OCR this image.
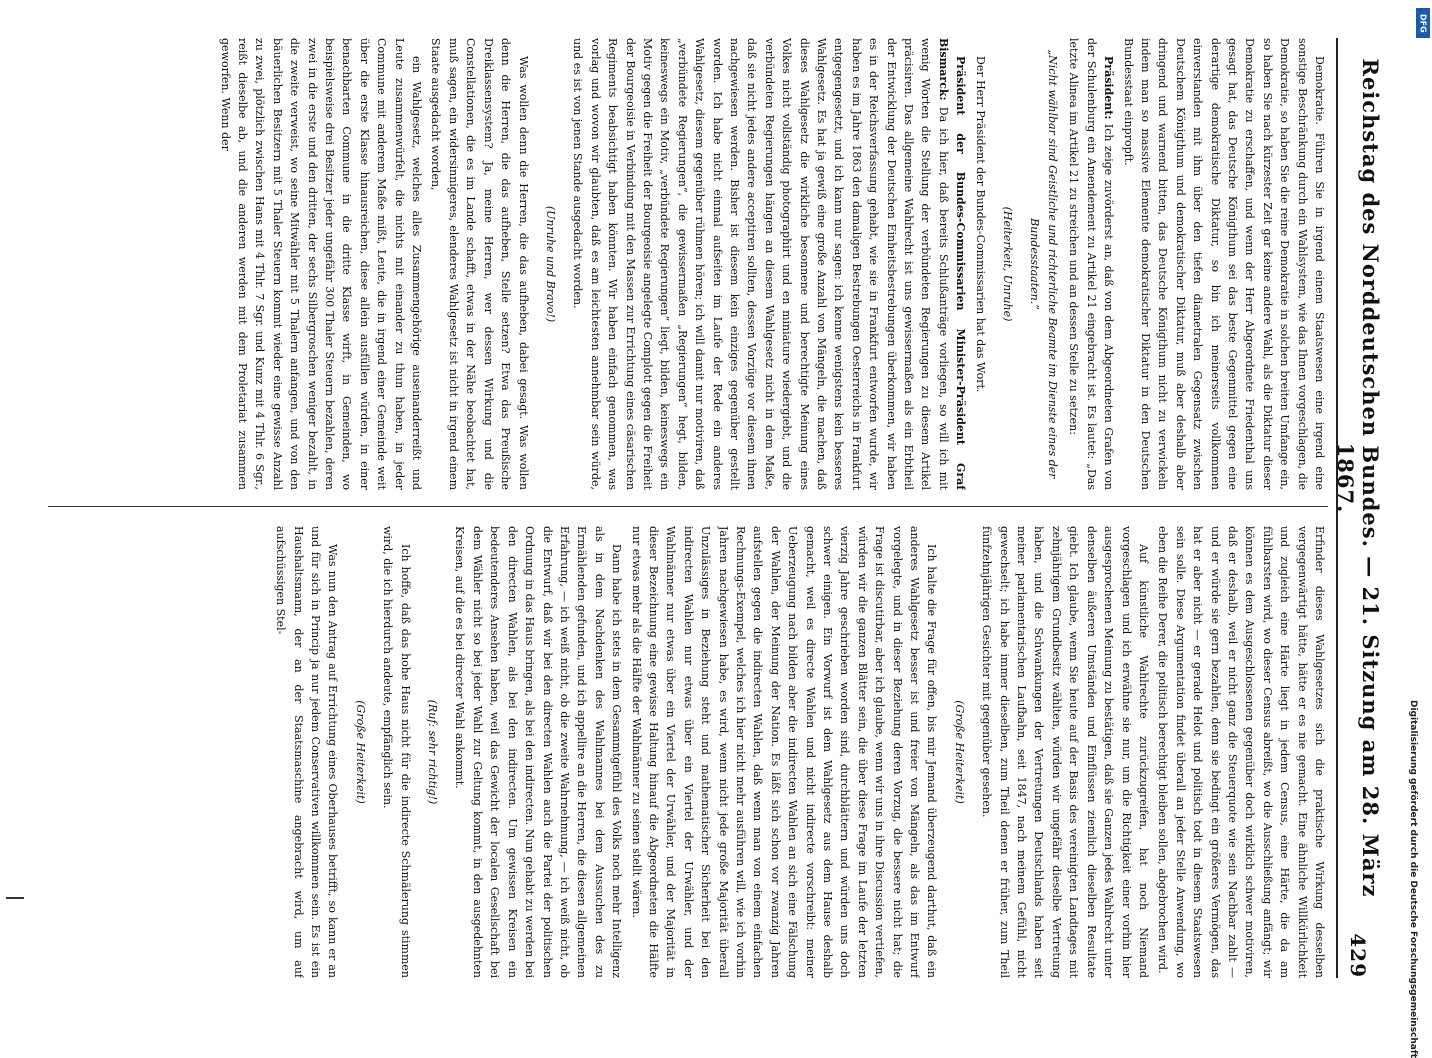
Reichstag des Norddeutschen Bundes. — 21. Sitzung am 28. März 1867.
429

Demokratie. Führen Sie in irgend einem Staatswesen eine irgend eine sonstige Beschränkung durch ein Wahlsystem, wie das Ihnen vorgeschlagen, die Demokratie, so haben Sie die reine Demokratie in solchen breiten Umfange ein, so haben Sie nach kürzester Zeit gar keine andere Wahl, als die Diktatur dieser Demokratie zu erschaffen, und wenn der Herr Abgeordnete Friedenthal uns gesagt hat, das Deutsche Königthum sei das beste Gegenmittel gegen eine derartige demokratische Diktatur, so bin ich meinerseits vollkommen einverstanden mit ihm über den tiefen diametralen Gegensatz zwischen Deutschem Königthum und demokratischer Diktatur, muß aber deshalb aber dringend und warnend bitten, das Deutsche Königthum nicht zu verwickeln indem man so massive Elemente demokratischer Diktatur in den Deutschen Bundesstaat einpropft.

Präsident: Ich zeige zuvörderst an, daß von dem Abgeordneten Grafen von der Schulenburg ein Amendement zu Artikel 21 eingebracht ist. Es lautet: „Das letzte Alinea im Artikel 21 zu streichen und an dessen Stelle zu setzen:

„Nicht wählbar sind Geistliche und richterliche Beamte im Dienste eines der Bundesstaaten.“

(Heiterkeit, Unruhe)

Der Herr Präsident der Bundes-Commissarien hat das Wort.

Präsident der Bundes-Commissarien Minister-Präsident Graf Bismarck: Da ich hier, daß bereits Schlußanträge vorliegen, so will ich mit wenig Worten die Stellung der verbündeten Regierungen zu diesem Artikel präcisiren. Das allgemeine Wahlrecht ist uns gewissermaßen als ein Erbtheil der Entwicklung der Deutschen Einheitsbestrebungen überkommen, wir haben es in der Reichsverfassung gehabt, wie sie in Frankfurt entworfen wurde, wir haben es im Jahre 1863 den damaligen Bestrebungen Oesterreichs in Frankfurt entgegengesetzt, und ich kann nur sagen: ich kenne wenigstens kein besseres Wahlgesetz. Es hat ja gewiß eine große Anzahl von Mängeln, die machen, daß dieses Wahlgesetz die wirkliche besonnene und berechtigte Meinung eines Volkes nicht vollständig photographirt und en miniature wiedergiebt, und die verbündeten Regierungen hängen an diesem Wahlgesetz nicht in dem Maße, daß sie nicht jedes andere acceptiren sollten, dessen Vorzüge vor diesem ihnen nachgewiesen werden. Bisher ist diesem kein einziges gegenüber gestellt worden. Ich habe nicht einmal aufseiten im Laufe der Rede ein anderes Wahlgesetz, diesem gegenüber rühmen hören; ich will damit nur motiviren, daß „verbündete Regierungen“, die gewissermaßen „Regierungen“ hegt, bilden, keineswegs ein Motiv, „verbündete Regierungen“ liegt, bilden, keineswegs ein Motiv gegen die Freiheit der Bourgeoisie angelegte Complott gegen die Freiheit der Bourgeoisie in Verbindung mit den Massen zur Errichtung eines cäsarischen Regiments beabsichtigt haben könnten. Wir haben einfach genommen, was vorlag und wovon wir glaubten, daß es am leichtesten annehmbar sein würde, und es ist von jenen Stande ausgedacht worden.

(Unruhe und Bravo!)

Was wollen denn die Herren, die das aufheben, dabei gesagt. Was wollen denn die Herren, die das aufheben, Stelle setzen? Etwa das Preußische Dreiklassensystem? Ja, meine Herren, wer dessen Wirkung und die Constellationen, die es im Lande schafft, etwas in der Nähe beobachtet hat, muß sagen, ein widersinnigeres, elenderes Wahlgesetz ist nicht in irgend einem Staate ausgedacht worden,

ein Wahlgesetz, welches alles Zusammengehörige auseinanderreißt und Leute zusammenwürfelt, die nichts mit einander zu thun haben, in jeder Commune mit anderem Maße mißt, Leute, die in irgend einer Gemeinde weit über die erste Klasse hinausreichen, diese allein ausfüllen würden, in einer benachbarten Commune in die dritte Klasse wirft, in Gemeinden, wo beispielsweise drei Besitzer jeder ungefähr 300 Thaler Steuern bezahlen, deren zwei in die erste und den dritten, der sechs Silbergroschen weniger bezahlt, in die zweite verweist, wo seine Mitwähler mit 5 Thalern anfangen, und von den bäuerlichen Besitzern mit 5 Thaler Steuern kommt wieder eine gewisse Anzahl zu zwei, plötzlich zwischen Hans mit 4 Thlr. 7 Sgr. und Kunz mit 4 Thlr. 6 Sgr., reißt dieselbe ab, und die anderen werden mit dem Proletariat zusammen geworfen. Wenn der

Erfinder dieses Wahlgesetzes sich die praktische Wirkung desselben vergegenwärtigt hätte, hätte er es nie gemacht. Eine ähnliche Willkürlichkeit und zugleich eine Härte liegt in jedem Census, eine Härte, die da am fühlbarsten wird, wo dieser Census abreißt, wo die Ausschließung anfängt; wir können es dem Ausgeschlossenen gegenüber doch wirklich schwer motiviren, daß er deshalb, weil er nicht ganz die Steuerquote wie sein Nachbar zahlt — und er würde sie gern bezahlen, denn sie bedingt ein größeres Vermögen, das hat er aber nicht — er gerade Helot und politisch todt in diesem Staatswesen sein solle. Diese Argumentation findet überall an jeder Stelle Anwendung, wo eben die Reihe Derer, die politisch berechtigt bleiben sollen, abgebrochen wird.

Auf künstliche Wahlrechte zurückzugreifen, hat noch Niemand vorgeschlagen und ich erwähne sie nur, um die Richtigkeit einer vorhin hier ausgesprochenen Meinung zu bestätigen, daß sie Ganzen jedes Wahlrecht unter denselben äußeren Umständen und Einflüssen ziemlich dieselben Resultate giebt. Ich glaube, wenn Sie heute auf der Basis des vereinigten Landtages mit zehnjährigem Grundbesitz wählten, würden wir ungefähr dieselbe Vertretung haben, und die Schwankungen der Vertretungen Deutschlands haben seit meiner parlamentarischen Laufbahn, seit 1847, nach meinem Gefühl, nicht gewechselt; ich habe immer dieselben, zum Theil denen er früher, zum Theil fünfzehnjährigen Gesichter mit gegenüber gesehen.

(Große Heiterkeit)

Ich halte die Frage für offen, bis mir Jemand überzeugend darthut, daß ein anderes Wahlgesetz besser ist und freier von Mängeln, als das im Entwurf vorgelegte, und in dieser Beziehung deren Vorzug, die bessere nicht hat; die Frage ist discutirbar, aber ich glaube, wenn wir uns in ihre Discussion vertiefen, würden wir die ganzen Blätter sein, die über diese Frage im Laufe der letzten vierzig Jahre geschrieben worden sind, durchblättern und würden uns doch schwer einigen. Ein Vorwurf ist dem Wahlgesetz aus dem Hause deshalb gemacht, weil es directe Wahlen und nicht indirecte vorschreibt: meiner Ueberzeugung nach bilden aber die indirecten Wahlen an sich eine Fälschung der Wahlen, der Meinung der Nation. Es läßt sich schon vor zwanzig Jahren aufstellen gegen die indirecten Wahlen, daß wenn man von einem einfachen Rechnungs-Exempel, welches ich hier nicht mehr ausführen will, wie ich vorhin Jahren nachgewiesen habe, es wird, wenn nicht jede große Majorität überall Unzulässiges in Beziehung steht und mathematischer Sicherheit bei den indirecten Wahlen nur etwas über ein Viertel der Urwähler, und der Wahlmänner nur etwas über ein Viertel der Urwähler, und der Majorität in dieser Bezeichnung eine gewisse Haltung hinauf die Abgeordneten die Hälfte nur etwas mehr als die Hälfte der Wahlmänner zu seinen stellt wären.

Dann habe ich stets in dem Gesammtgefühl des Volks noch mehr Intelligenz als in dem Nachdenken des Wahlmannes bei dem Aussuchen des zu Ermählenden gefunden, und ich appellire an die Herren, die diesen allgemeinen Erfahrung, — ich weiß nicht, ob die zweite Wahrnehmung, — ich weiß nicht, ob die Entwurf, daß wir bei den directen Wahlen auch die Partei der politischen Ordnung in das Haus bringen, als bei den indirecten. Nun gehabt zu werden bei den directen Wahlen, als bei den indirecten. Um gewissen Kreisen ein bedeutenderes Ansehen haben, weil das Gewicht der localen Gesellschaft bei dem Wähler nicht so bei jeder Wahl zur Geltung kommt, in den ausgedehnten Kreisen, auf die es bei directer Wahl ankommt.

(Ruf: sehr richtig!)

Ich hoffe, daß das hohe Haus nicht für die indirecte Schmälerung stimmen wird, die ich hierdurch andeute, empfänglich sein.

(Große Heiterkeit)

Was nun den Antrag auf Errichtung eines Oberhauses betrifft, so kann er an und für sich in Princip ja nur jedem Conservativen willkommen sein. Es ist ein Haushaltsmann, der an der Staatsmaschine angebracht wird, um auf aufschüssigen Stel-

DFG
Digitalisierung gefördert durch die Deutsche Forschungsgemeinschaft
